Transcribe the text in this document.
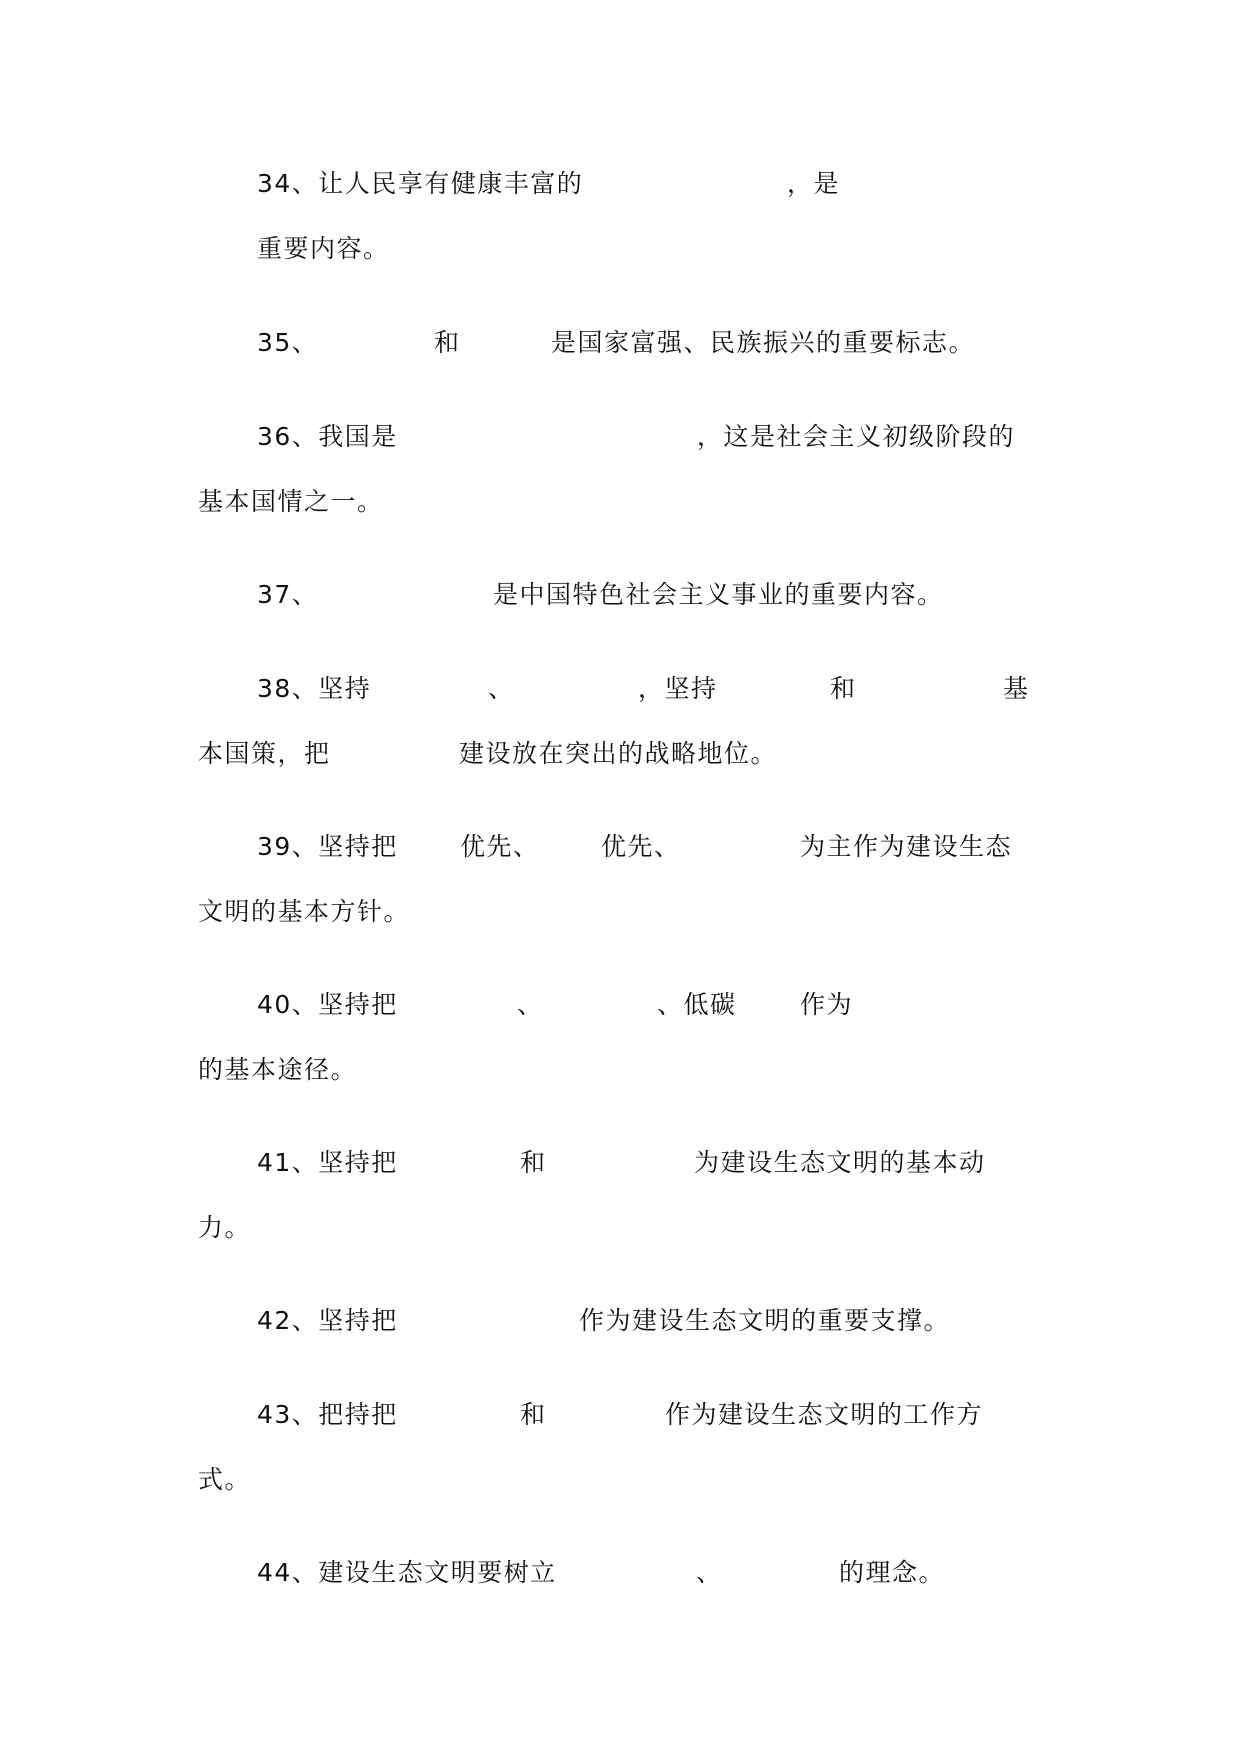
34、让人民享有健康丰富的	，是
重要内容。
35、	和	是国家富强、民族振兴的重要标志。
36、我国是	，这是社会主义初级阶段的
基本国情之一。
37、	是中国特色社会主义事业的重要内容。
38、坚持	、	，坚持	和	基
本国策，把	建设放在突出的战略地位。
39、坚持把 优先、 优先、	为主作为建设生态
文明的基本方针。
40、坚持把	、	、低碳	作为
的基本途径。
41、坚持把	和	为建设生态文明的基本动
力。
42、坚持把	作为建设生态文明的重要支撑。
43、把持把	和	作为建设生态文明的工作方
式。
44、建设生态文明要树立	、	的理念。
